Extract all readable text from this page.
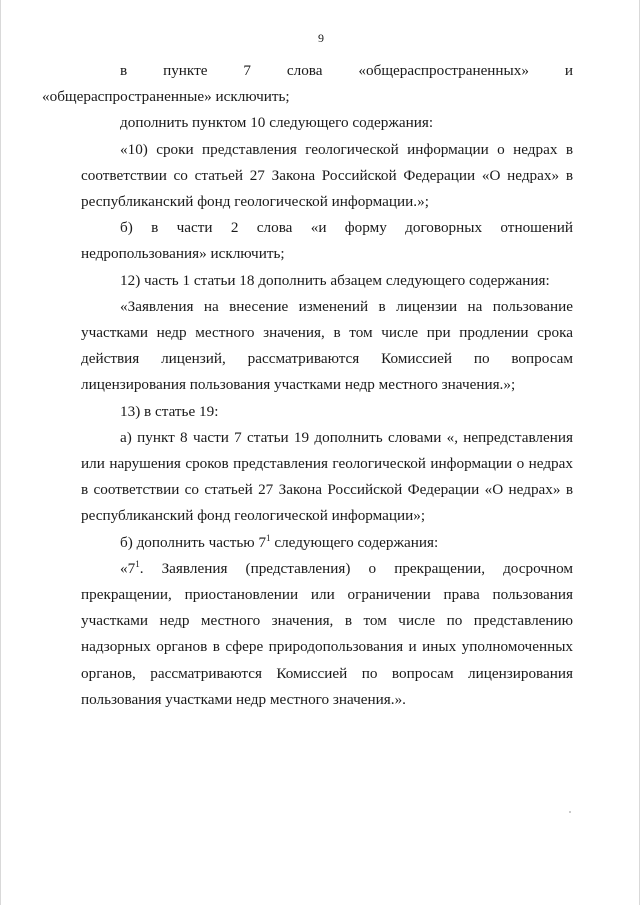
9

в пункте 7 слова «общераспространенных» и
«общераспространенные» исключить;

дополнить пунктом 10 следующего содержания:

«10) сроки представления геологической информации о недрах в соответствии со статьей 27 Закона Российской Федерации «О недрах» в республиканский фонд геологической информации.»;

б) в части 2 слова «и форму договорных отношений недропользования» исключить;

12) часть 1 статьи 18 дополнить абзацем следующего содержания:

«Заявления на внесение изменений в лицензии на пользование участками недр местного значения, в том числе при продлении срока действия лицензий, рассматриваются Комиссией по вопросам лицензирования пользования участками недр местного значения.»;

13) в статье 19:

а) пункт 8 части 7 статьи 19 дополнить словами «, непредставления или нарушения сроков представления геологической информации о недрах в соответствии со статьей 27 Закона Российской Федерации «О недрах» в республиканский фонд геологической информации»;

б) дополнить частью $7^1$ следующего содержания:

«$7^1$. Заявления (представления) о прекращении, досрочном прекращении, приостановлении или ограничении права пользования участками недр местного значения, в том числе по представлению надзорных органов в сфере природопользования и иных уполномоченных органов, рассматриваются Комиссией по вопросам лицензирования пользования участками недр местного значения.».
